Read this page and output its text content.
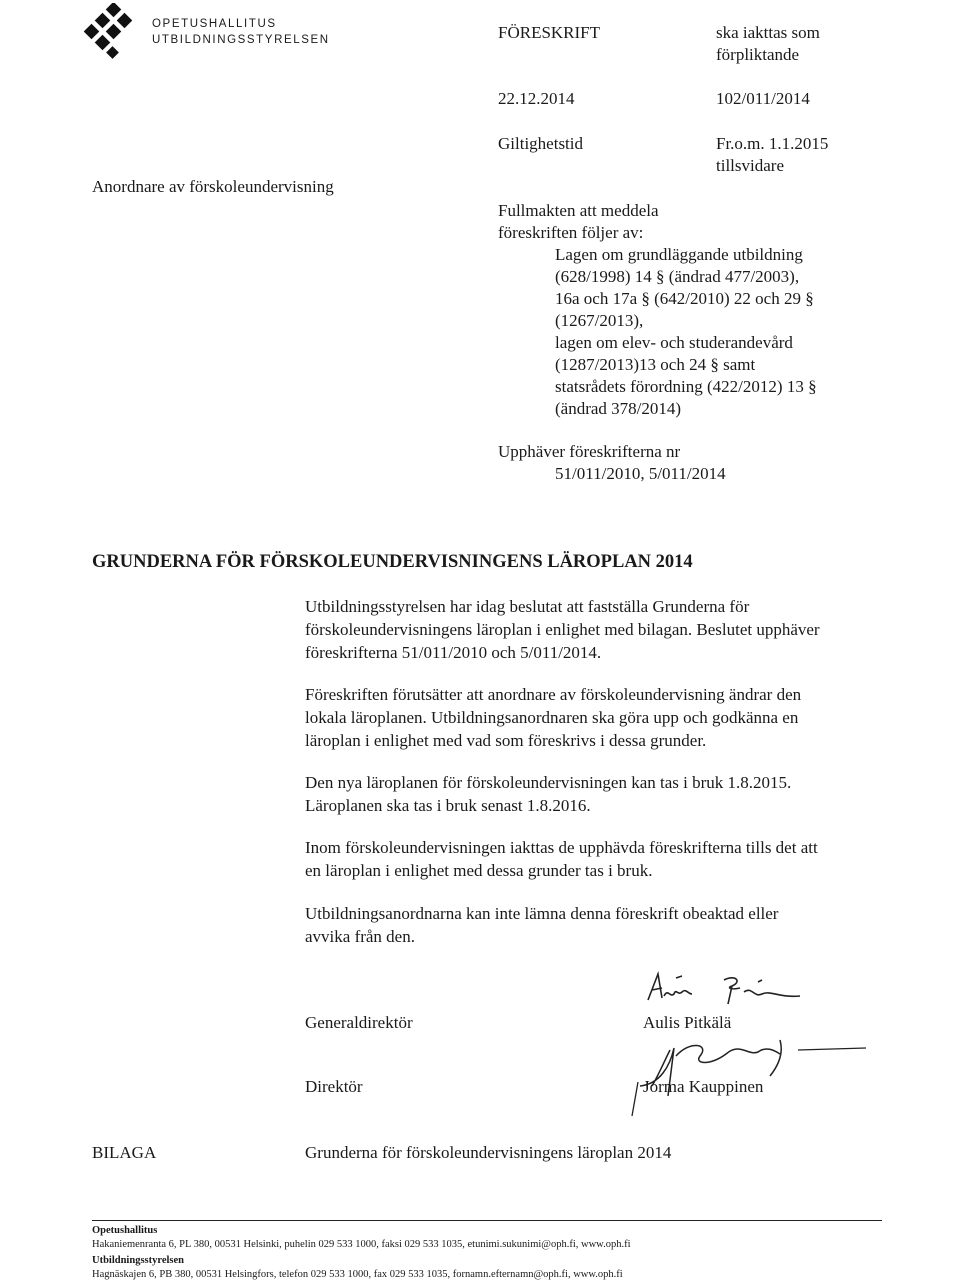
OPETUSHALLITUS
UTBILDNINGSSTYRELSEN	FÖRESKRIFT	ska iakttas som
förpliktande
22.12.2014	102/011/2014
Giltighetstid	Fr.o.m. 1.1.2015
tillsvidare
Anordnare av förskoleundervisning
Fullmakten att meddela
föreskriften följer av:
Lagen om grundläggande utbildning
(628/1998) 14 § (ändrad 477/2003),
16a och 17a § (642/2010) 22 och 29 §
(1267/2013),
lagen om elev- och studerandevård
(1287/2013)13 och 24 § samt
statsrådets förordning (422/2012) 13 §
(ändrad 378/2014)
Upphäver föreskrifterna nr
51/011/2010, 5/011/2014
GRUNDERNA FÖR FÖRSKOLEUNDERVISNINGENS LÄROPLAN 2014
Utbildningsstyrelsen har idag beslutat att fastställa Grunderna för
förskoleundervisningens läroplan i enlighet med bilagan. Beslutet upphäver
föreskrifterna 51/011/2010 och 5/011/2014.
Föreskriften förutsätter att anordnare av förskoleundervisning ändrar den
lokala läroplanen. Utbildningsanordnaren ska göra upp och godkänna en
läroplan i enlighet med vad som föreskrivs i dessa grunder.
Den nya läroplanen för förskoleundervisningen kan tas i bruk 1.8.2015.
Läroplanen ska tas i bruk senast 1.8.2016.
Inom förskoleundervisningen iakttas de upphävda föreskrifterna tills det att
en läroplan i enlighet med dessa grunder tas i bruk.
Utbildningsanordnarna kan inte lämna denna föreskrift obeaktad eller
avvika från den.
Generaldirektör	Aulis Pitkälä
Direktör	Jorma Kauppinen
BILAGA	Grunderna för förskoleundervisningens läroplan 2014
Opetushallitus
Hakaniemenranta 6, PL 380, 00531 Helsinki, puhelin 029 533 1000, faksi 029 533 1035, etunimi.sukunimi@oph.fi, www.oph.fi
Utbildningsstyrelsen
Hagnäskajen 6, PB 380, 00531 Helsingfors, telefon 029 533 1000, fax 029 533 1035, fornamn.efternamn@oph.fi, www.oph.fi
